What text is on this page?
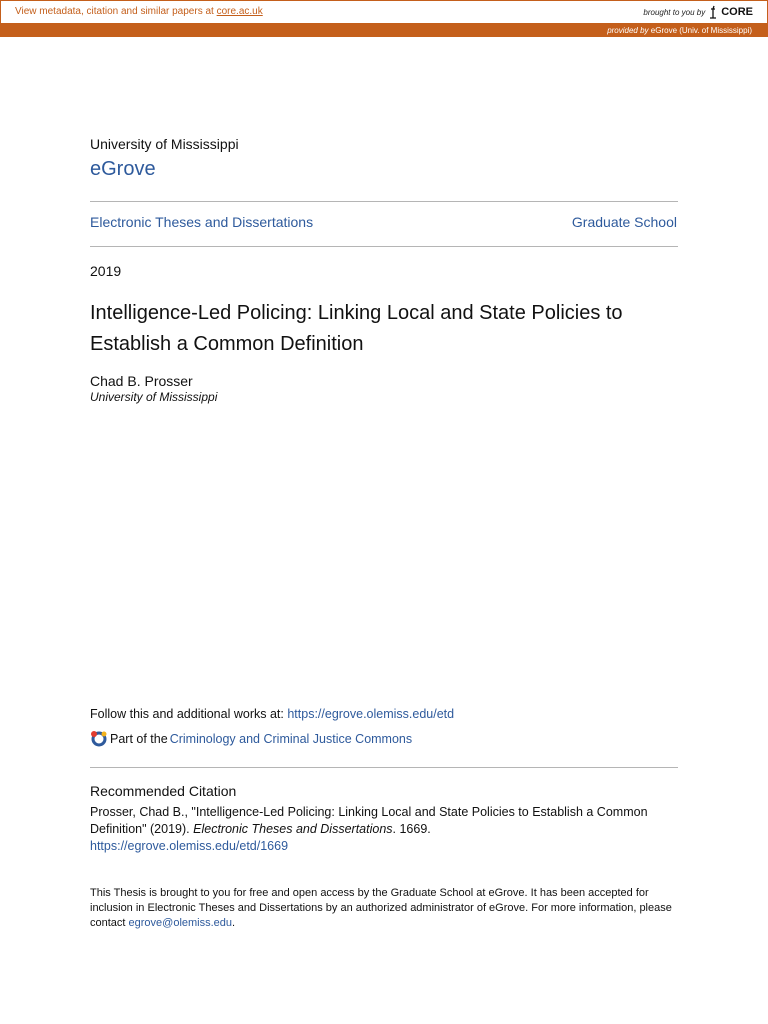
View metadata, citation and similar papers at core.ac.uk	brought to you by CORE
provided by eGrove (Univ. of Mississippi)
University of Mississippi
eGrove
Electronic Theses and Dissertations	Graduate School
2019
Intelligence-Led Policing: Linking Local and State Policies to Establish a Common Definition
Chad B. Prosser
University of Mississippi
Follow this and additional works at: https://egrove.olemiss.edu/etd
Part of the Criminology and Criminal Justice Commons
Recommended Citation
Prosser, Chad B., "Intelligence-Led Policing: Linking Local and State Policies to Establish a Common Definition" (2019). Electronic Theses and Dissertations. 1669.
https://egrove.olemiss.edu/etd/1669
This Thesis is brought to you for free and open access by the Graduate School at eGrove. It has been accepted for inclusion in Electronic Theses and Dissertations by an authorized administrator of eGrove. For more information, please contact egrove@olemiss.edu.
